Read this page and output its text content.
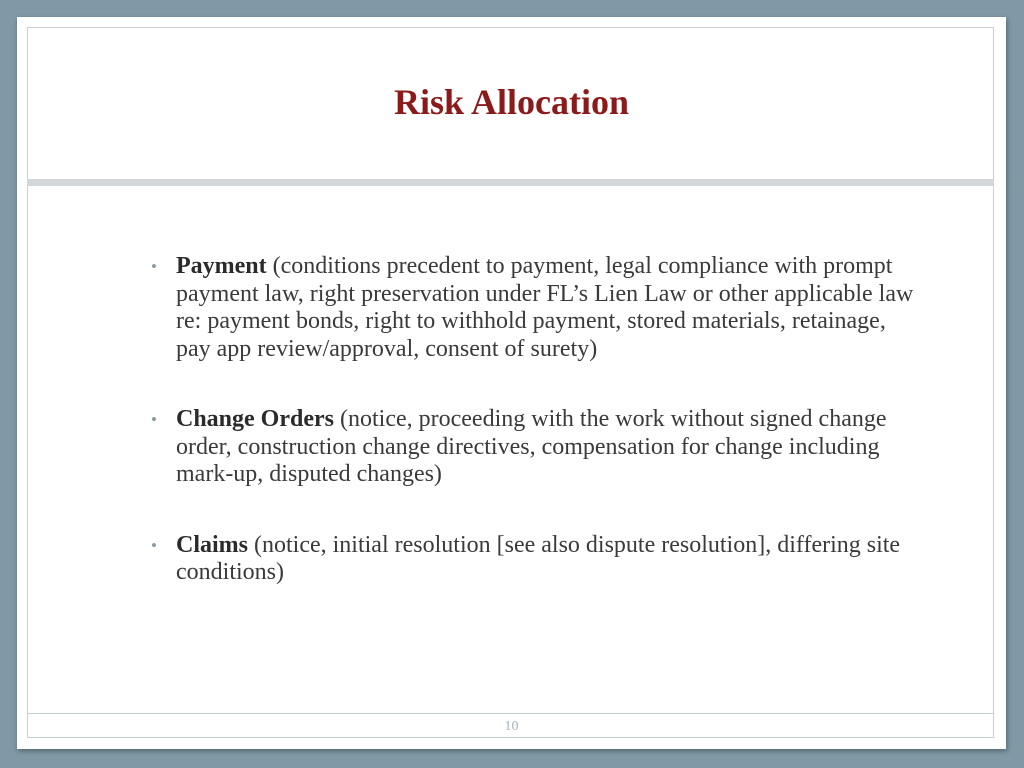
Risk Allocation

• Payment (conditions precedent to payment, legal compliance with prompt payment law, right preservation under FL’s Lien Law or other applicable law re: payment bonds, right to withhold payment, stored materials, retainage, pay app review/approval, consent of surety)

• Change Orders (notice, proceeding with the work without signed change order, construction change directives, compensation for change including mark-up, disputed changes)

• Claims (notice, initial resolution [see also dispute resolution], differing site conditions)

10
